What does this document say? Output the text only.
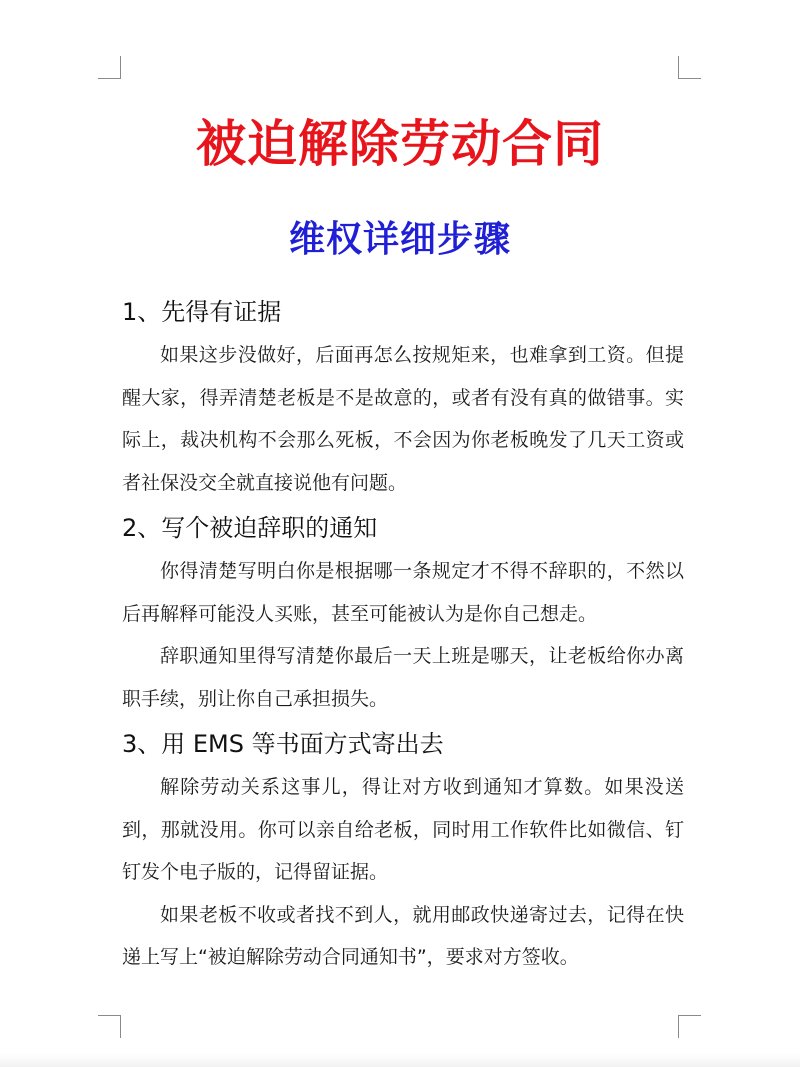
被迫解除劳动合同
维权详细步骤
1、先得有证据

如果这步没做好，后面再怎么按规矩来，也难拿到工资。但提醒大家，得弄清楚老板是不是故意的，或者有没有真的做错事。实际上，裁决机构不会那么死板，不会因为你老板晚发了几天工资或者社保没交全就直接说他有问题。

2、写个被迫辞职的通知

你得清楚写明白你是根据哪一条规定才不得不辞职的，不然以后再解释可能没人买账，甚至可能被认为是你自己想走。

辞职通知里得写清楚你最后一天上班是哪天，让老板给你办离职手续，别让你自己承担损失。

3、用 EMS 等书面方式寄出去

解除劳动关系这事儿，得让对方收到通知才算数。如果没送到，那就没用。你可以亲自给老板，同时用工作软件比如微信、钉钉发个电子版的，记得留证据。

如果老板不收或者找不到人，就用邮政快递寄过去，记得在快递上写上“被迫解除劳动合同通知书”，要求对方签收。
